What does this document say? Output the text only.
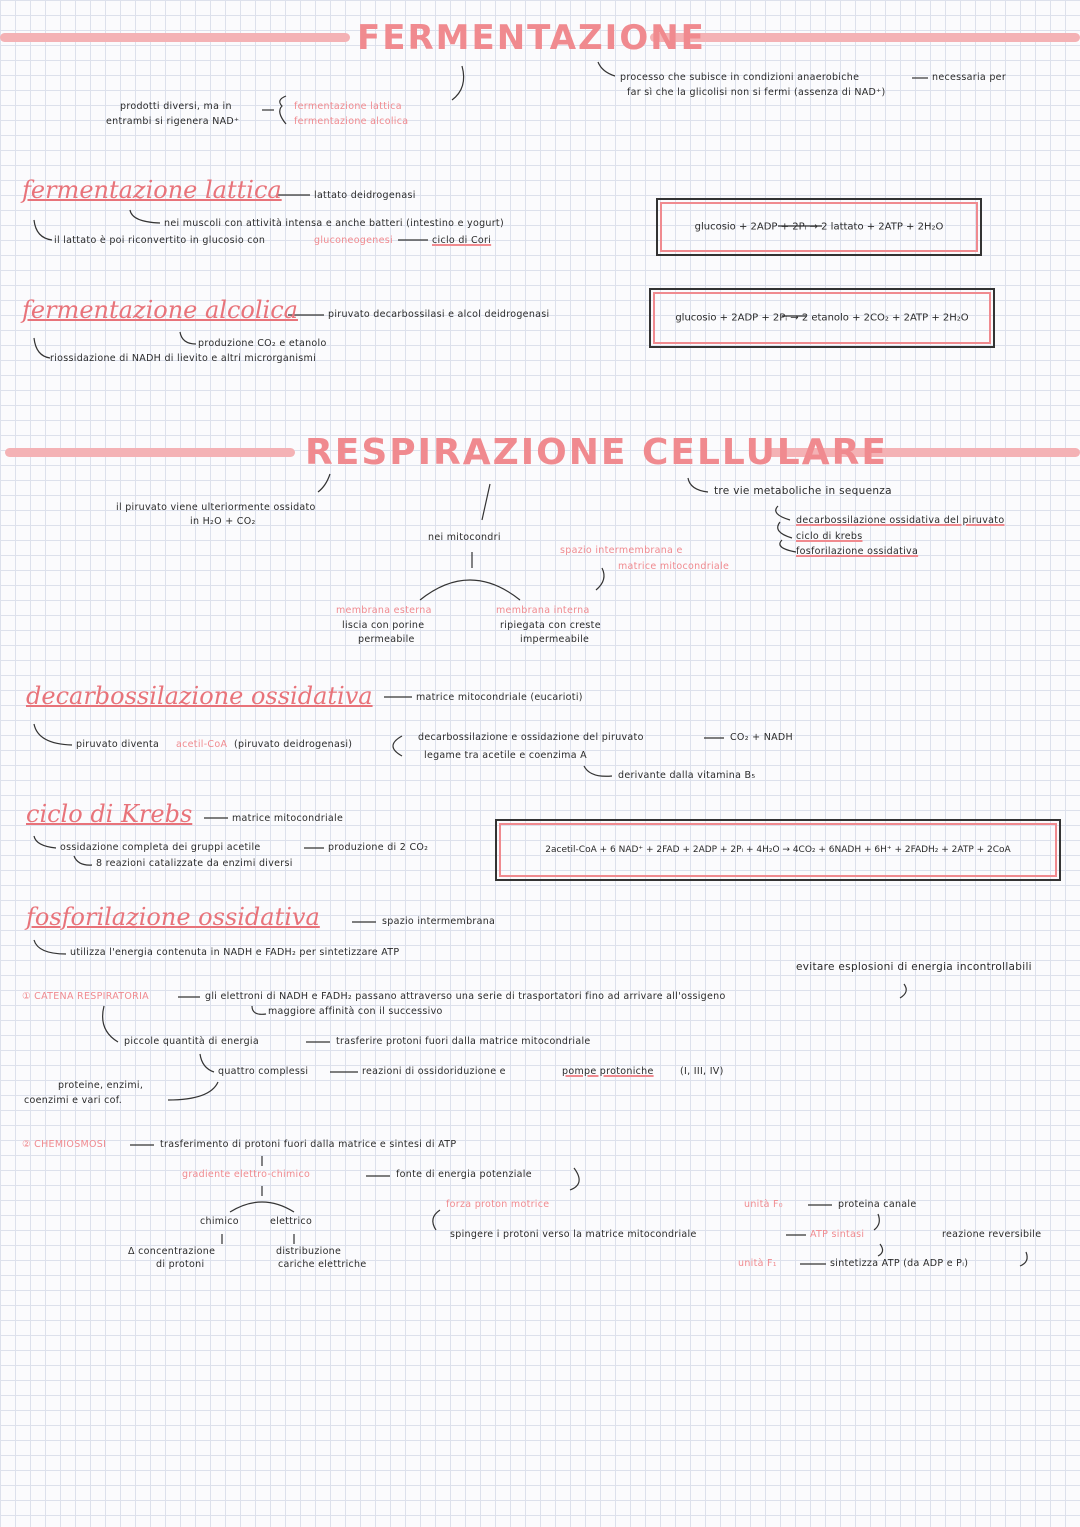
FERMENTAZIONE
processo che subisce in condizioni anaerobiche	necessaria per
far sì che la glicolisi non si fermi (assenza di NAD⁺)
prodotti diversi, ma in
entrambi si rigenera NAD⁺
fermentazione lattica
fermentazione alcolica
fermentazione lattica	lattato deidrogenasi
nei muscoli con attività intensa e anche batteri (intestino e yogurt)
il lattato è poi riconvertito in glucosio con	gluconeogenesi	ciclo di Cori
glucosio + 2ADP + 2Pᵢ → 2 lattato + 2ATP + 2H₂O
fermentazione alcolica	piruvato decarbossilasi e alcol deidrogenasi
produzione CO₂ e etanolo
riossidazione di NADH di lievito e altri microrganismi
glucosio + 2ADP + 2Pᵢ → 2 etanolo + 2CO₂ + 2ATP + 2H₂O
RESPIRAZIONE CELLULARE
il piruvato viene ulteriormente ossidato
in H₂O + CO₂
tre vie metaboliche in sequenza
decarbossilazione ossidativa del piruvato
ciclo di krebs
fosforilazione ossidativa
nei mitocondri
spazio intermembrana e
matrice mitocondriale
membrana esterna
liscia con porine
permeabile
membrana interna
ripiegata con creste
impermeabile
decarbossilazione ossidativa	matrice mitocondriale (eucarioti)
piruvato diventa acetil-CoA (piruvato deidrogenasi)
decarbossilazione e ossidazione del piruvato	CO₂ + NADH
legame tra acetile e coenzima A
derivante dalla vitamina B₅
ciclo di Krebs	matrice mitocondriale
ossidazione completa dei gruppi acetile	produzione di 2 CO₂
8 reazioni catalizzate da enzimi diversi
2acetil-CoA + 6 NAD⁺ + 2FAD + 2ADP + 2Pᵢ + 4H₂O → 4CO₂ + 6NADH + 6H⁺ + 2FADH₂ + 2ATP + 2CoA
fosforilazione ossidativa	spazio intermembrana
utilizza l'energia contenuta in NADH e FADH₂ per sintetizzare ATP
evitare esplosioni di energia incontrollabili
① CATENA RESPIRATORIA	gli elettroni di NADH e FADH₂ passano attraverso una serie di trasportatori fino ad arrivare all'ossigeno
maggiore affinità con il successivo
piccole quantità di energia	trasferire protoni fuori dalla matrice mitocondriale
quattro complessi	reazioni di ossidoriduzione e	pompe protoniche	(I, III, IV)
proteine, enzimi,
coenzimi e vari cof.
② CHEMIOSMOSI	trasferimento di protoni fuori dalla matrice e sintesi di ATP
gradiente elettro-chimico	fonte di energia potenziale
chimico	elettrico
Δ concentrazione
di protoni
distribuzione
cariche elettriche
forza proton motrice
spingere i protoni verso la matrice mitocondriale	ATP sintasi
unità F₀	proteina canale
unità F₁	sintetizza ATP (da ADP e Pᵢ)
reazione reversibile
